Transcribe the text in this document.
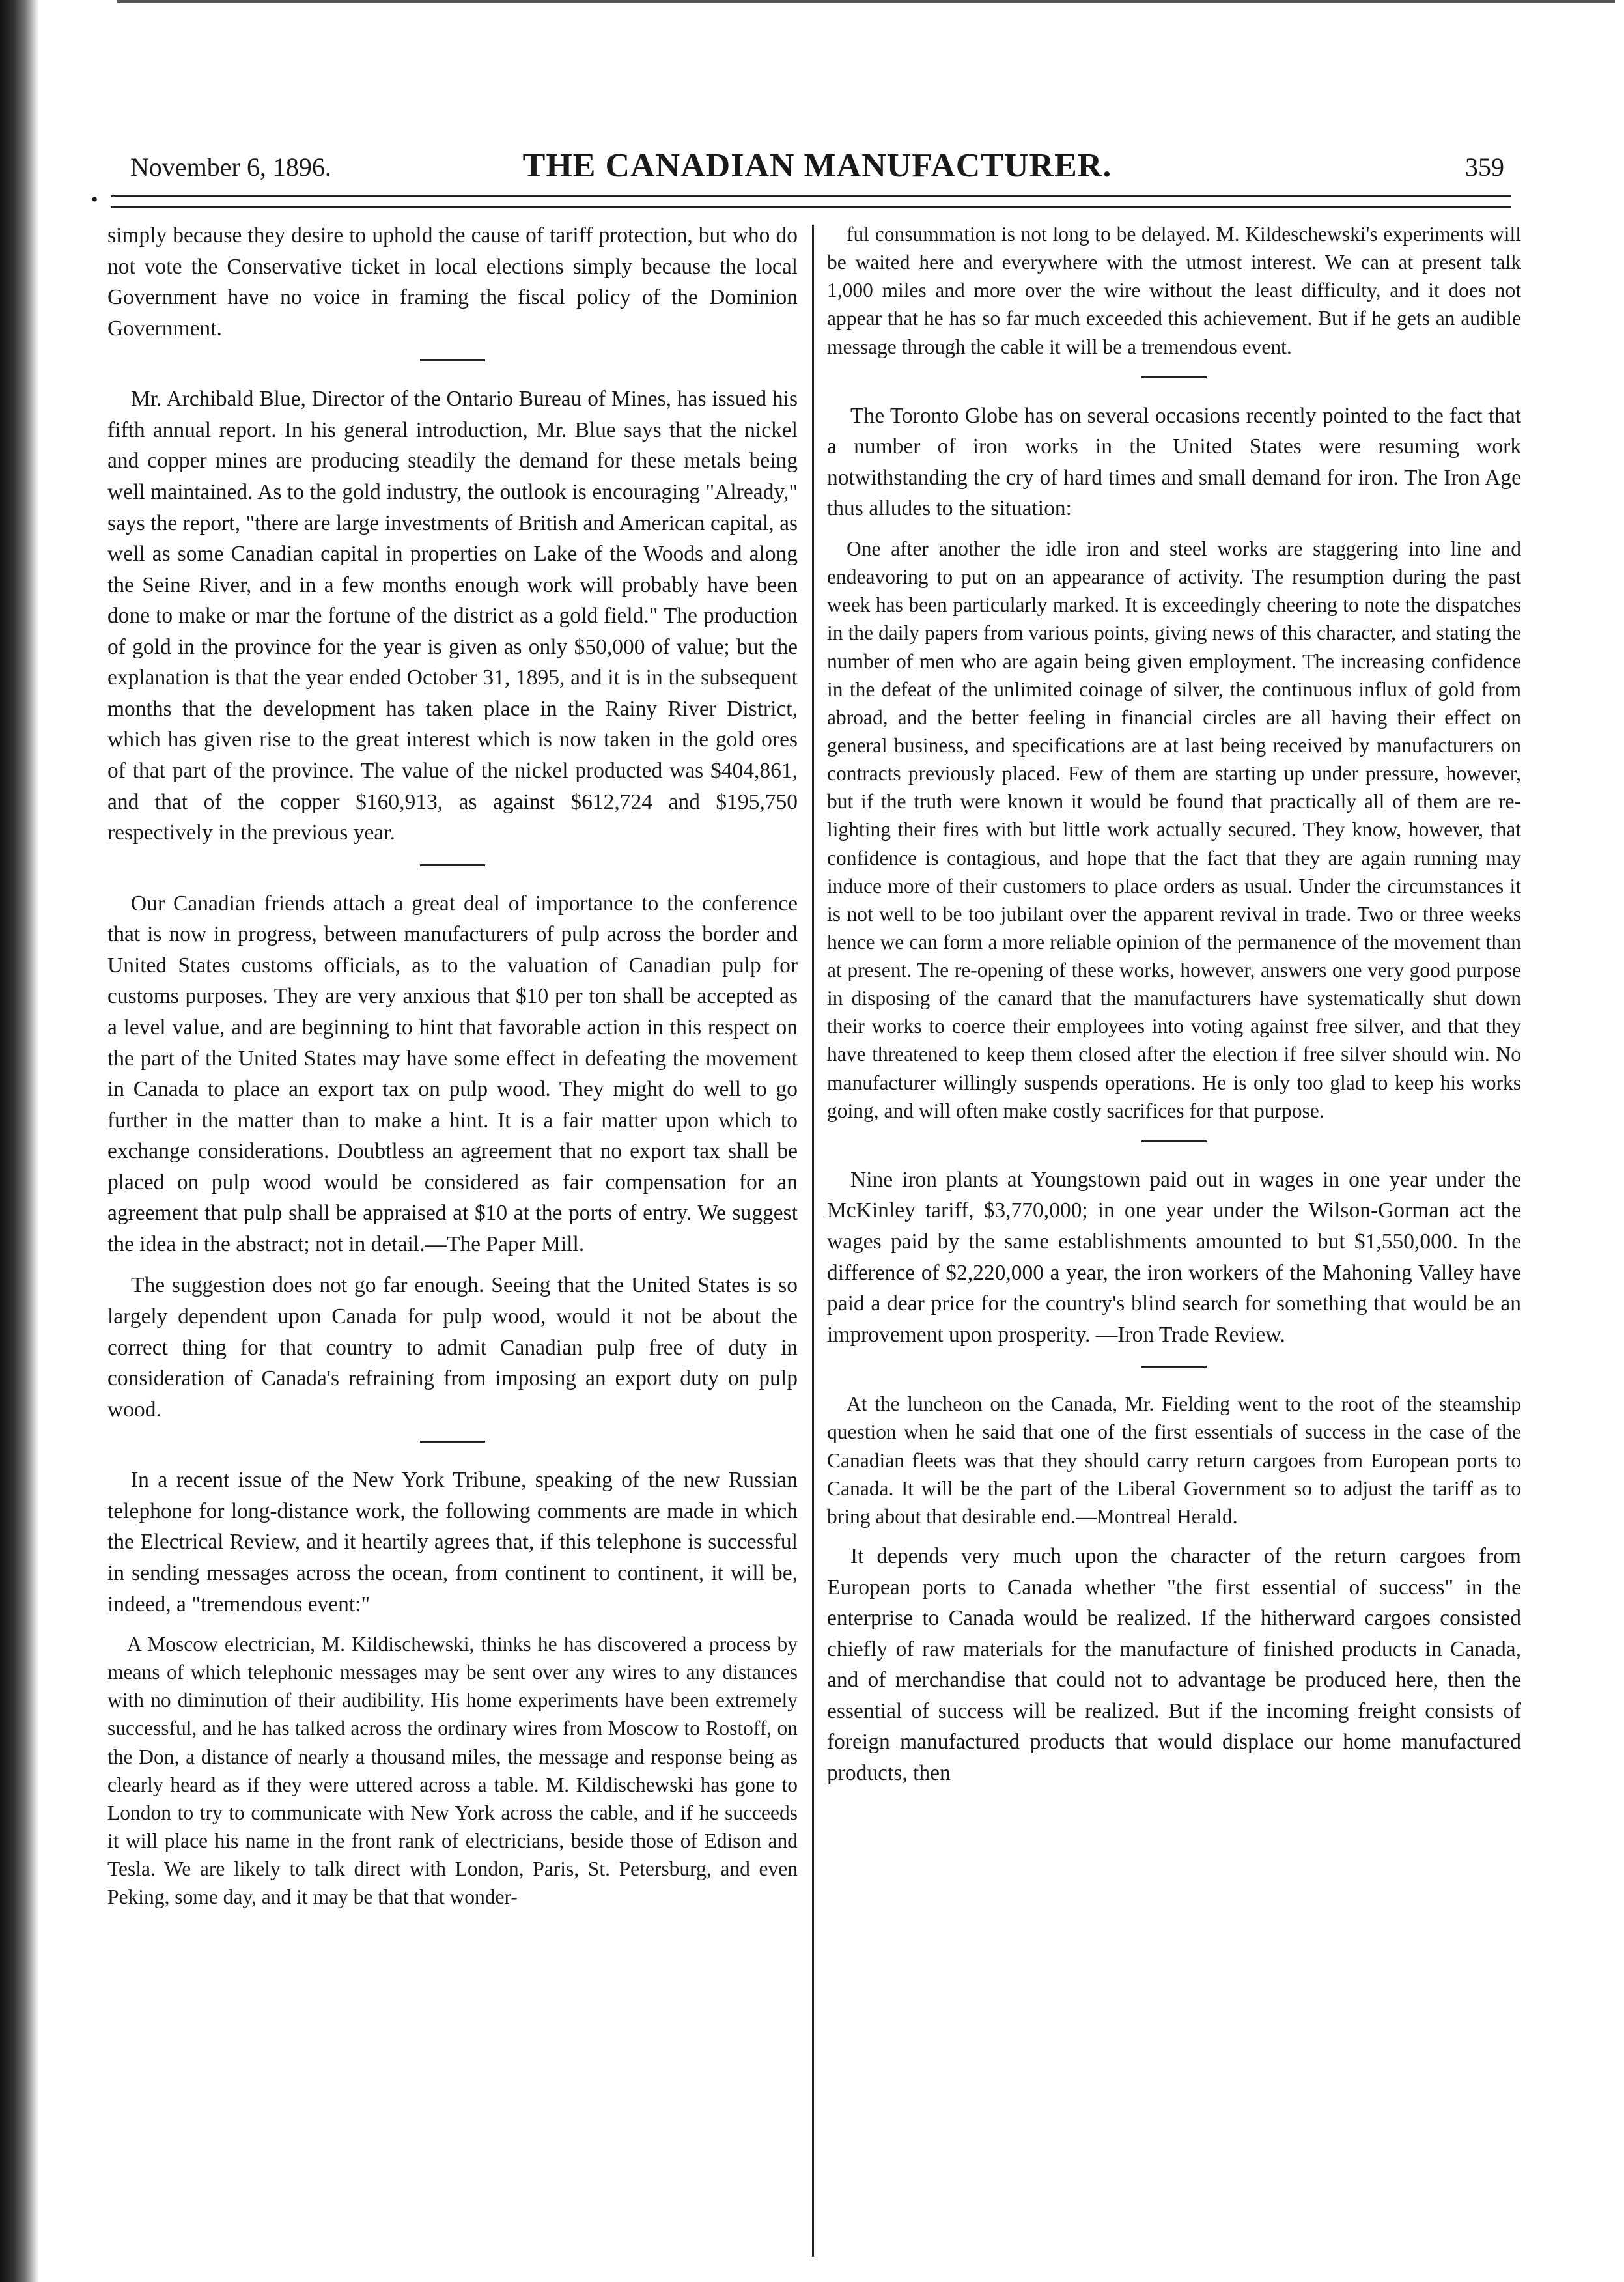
November 6, 1896.	THE CANADIAN MANUFACTURER.	359
•

simply because they desire to uphold the cause of tariff protection, but who do not vote the Conservative ticket in local elections simply because the local Government have no voice in framing the fiscal policy of the Dominion Government.

Mr. Archibald Blue, Director of the Ontario Bureau of Mines, has issued his fifth annual report. In his general introduction, Mr. Blue says that the nickel and copper mines are producing steadily the demand for these metals being well maintained. As to the gold industry, the outlook is encouraging "Already," says the report, "there are large investments of British and American capital, as well as some Canadian capital in properties on Lake of the Woods and along the Seine River, and in a few months enough work will probably have been done to make or mar the fortune of the district as a gold field." The production of gold in the province for the year is given as only $50,000 of value; but the explanation is that the year ended October 31, 1895, and it is in the subsequent months that the development has taken place in the Rainy River District, which has given rise to the great interest which is now taken in the gold ores of that part of the province. The value of the nickel producted was $404,861, and that of the copper $160,913, as against $612,724 and $195,750 respectively in the previous year.

Our Canadian friends attach a great deal of importance to the conference that is now in progress, between manufacturers of pulp across the border and United States customs officials, as to the valuation of Canadian pulp for customs purposes. They are very anxious that $10 per ton shall be accepted as a level value, and are beginning to hint that favorable action in this respect on the part of the United States may have some effect in defeating the movement in Canada to place an export tax on pulp wood. They might do well to go further in the matter than to make a hint. It is a fair matter upon which to exchange considerations. Doubtless an agreement that no export tax shall be placed on pulp wood would be considered as fair compensation for an agreement that pulp shall be appraised at $10 at the ports of entry. We suggest the idea in the abstract; not in detail.—The Paper Mill.

The suggestion does not go far enough. Seeing that the United States is so largely dependent upon Canada for pulp wood, would it not be about the correct thing for that country to admit Canadian pulp free of duty in consideration of Canada's refraining from imposing an export duty on pulp wood.

In a recent issue of the New York Tribune, speaking of the new Russian telephone for long-distance work, the following comments are made in which the Electrical Review, and it heartily agrees that, if this telephone is successful in sending messages across the ocean, from continent to continent, it will be, indeed, a "tremendous event:"

A Moscow electrician, M. Kildischewski, thinks he has discovered a process by means of which telephonic messages may be sent over any wires to any distances with no diminution of their audibility. His home experiments have been extremely successful, and he has talked across the ordinary wires from Moscow to Rostoff, on the Don, a distance of nearly a thousand miles, the message and response being as clearly heard as if they were uttered across a table. M. Kildischewski has gone to London to try to communicate with New York across the cable, and if he succeeds it will place his name in the front rank of electricians, beside those of Edison and Tesla. We are likely to talk direct with London, Paris, St. Petersburg, and even Peking, some day, and it may be that that wonder-

ful consummation is not long to be delayed. M. Kildeschewski's experiments will be waited here and everywhere with the utmost interest. We can at present talk 1,000 miles and more over the wire without the least difficulty, and it does not appear that he has so far much exceeded this achievement. But if he gets an audible message through the cable it will be a tremendous event.

The Toronto Globe has on several occasions recently pointed to the fact that a number of iron works in the United States were resuming work notwithstanding the cry of hard times and small demand for iron. The Iron Age thus alludes to the situation:

One after another the idle iron and steel works are staggering into line and endeavoring to put on an appearance of activity. The resumption during the past week has been particularly marked. It is exceedingly cheering to note the dispatches in the daily papers from various points, giving news of this character, and stating the number of men who are again being given employment. The increasing confidence in the defeat of the unlimited coinage of silver, the continuous influx of gold from abroad, and the better feeling in financial circles are all having their effect on general business, and specifications are at last being received by manufacturers on contracts previously placed. Few of them are starting up under pressure, however, but if the truth were known it would be found that practically all of them are re-lighting their fires with but little work actually secured. They know, however, that confidence is contagious, and hope that the fact that they are again running may induce more of their customers to place orders as usual. Under the circumstances it is not well to be too jubilant over the apparent revival in trade. Two or three weeks hence we can form a more reliable opinion of the permanence of the movement than at present. The re-opening of these works, however, answers one very good purpose in disposing of the canard that the manufacturers have systematically shut down their works to coerce their employees into voting against free silver, and that they have threatened to keep them closed after the election if free silver should win. No manufacturer willingly suspends operations. He is only too glad to keep his works going, and will often make costly sacrifices for that purpose.

Nine iron plants at Youngstown paid out in wages in one year under the McKinley tariff, $3,770,000; in one year under the Wilson-Gorman act the wages paid by the same establishments amounted to but $1,550,000. In the difference of $2,220,000 a year, the iron workers of the Mahoning Valley have paid a dear price for the country's blind search for something that would be an improvement upon prosperity. —Iron Trade Review.

At the luncheon on the Canada, Mr. Fielding went to the root of the steamship question when he said that one of the first essentials of success in the case of the Canadian fleets was that they should carry return cargoes from European ports to Canada. It will be the part of the Liberal Government so to adjust the tariff as to bring about that desirable end.—Montreal Herald.

It depends very much upon the character of the return cargoes from European ports to Canada whether "the first essential of success" in the enterprise to Canada would be realized. If the hitherward cargoes consisted chiefly of raw materials for the manufacture of finished products in Canada, and of merchandise that could not to advantage be produced here, then the essential of success will be realized. But if the incoming freight consists of foreign manufactured products that would displace our home manufactured products, then
